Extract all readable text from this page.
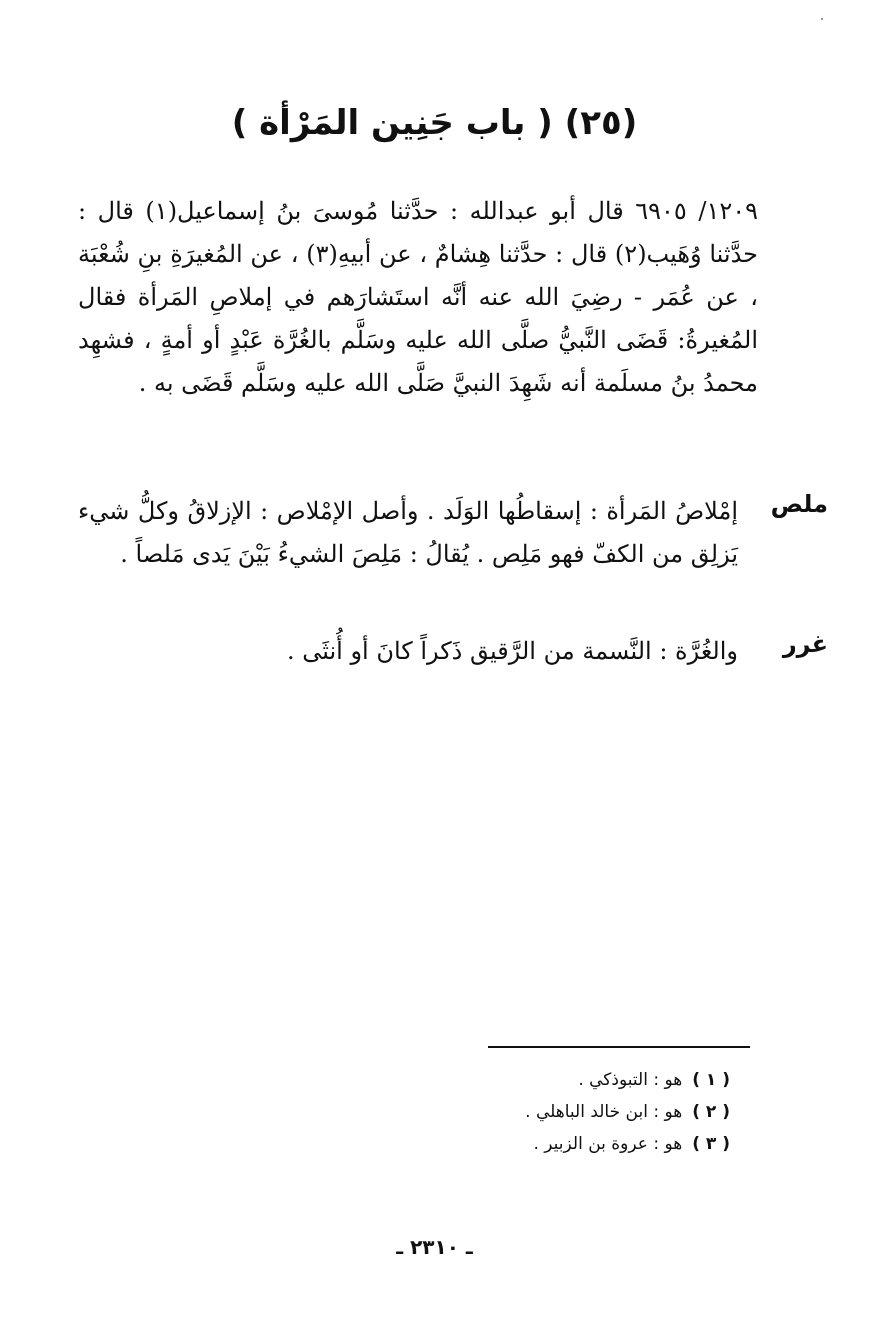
(٢٥) ( باب جَنِين المَرْأة )
١٢٠٩/ ٦٩٠٥ قال أبو عبدالله : حدَّثنا مُوسىَ بنُ إسماعيل(١) قال : حدَّثنا وُهَيب(٢) قال : حدَّثنا هِشامٌ ، عن أبيهِ(٣) ، عن المُغيرَةِ بنِ شُعْبَة ، عن عُمَر - رضِيَ الله عنه أنَّه استَشارَهم في إملاصِ المَرأة فقال المُغيرةُ: قَضَى النَّبيُّ صلَّى الله عليه وسَلَّم بالغُرَّة عَبْدٍ أو أمةٍ ، فشهِد محمدُ بنُ مسلَمة أنه شَهِدَ النبيَّ صَلَّى الله عليه وسَلَّم قَضَى به .
ملص
إمْلاصُ المَرأة : إسقاطُها الوَلَد . وأصل الإمْلاص : الإزلاقُ وكلُّ شيء يَزلِق من الكفّ فهو مَلِص . يُقالُ : مَلِصَ الشيءُ بَيْنَ يَدى مَلصاً .
غرر
والغُرَّة : النَّسمة من الرَّقيق ذَكراً كانَ أو أُنثَى .
( ١ )هو : التبوذكي .
( ٢ )هو : ابن خالد الباهلي .
( ٣ )هو : عروة بن الزبير .
ـ ٢٣١٠ ـ
